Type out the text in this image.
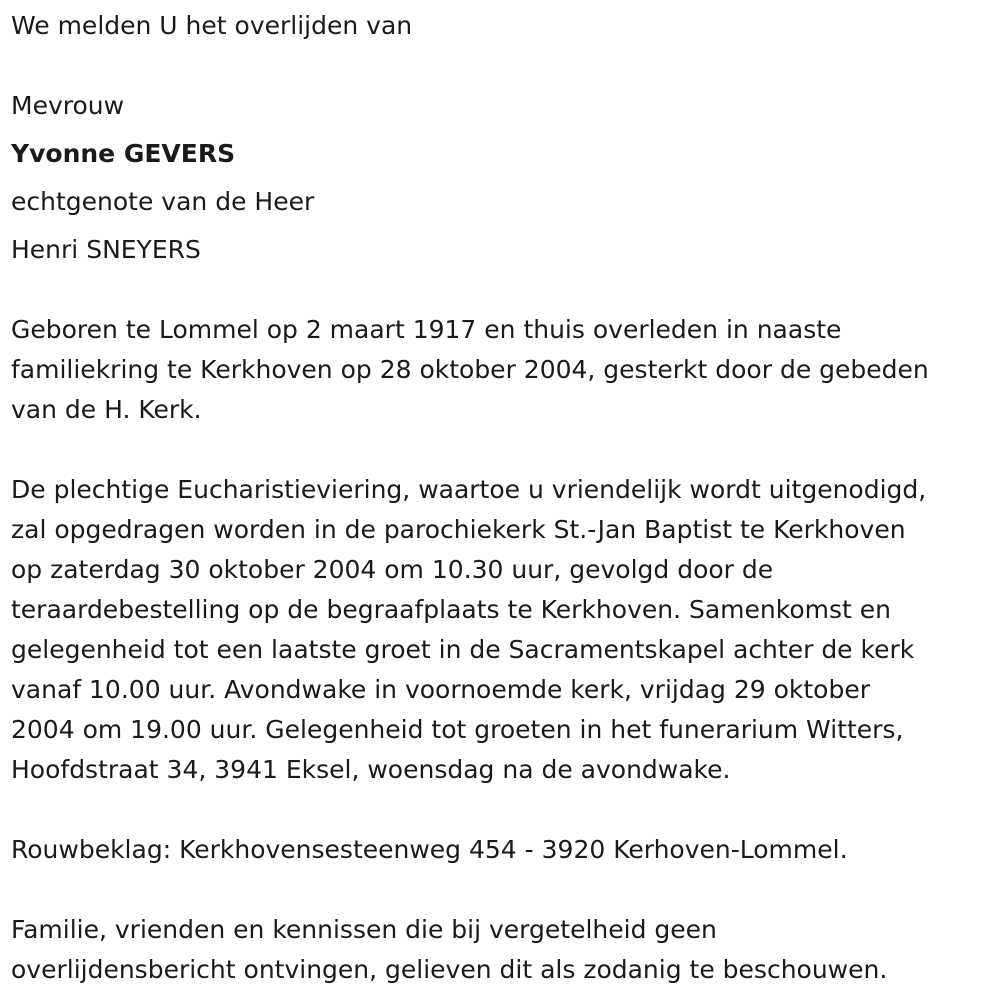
We melden U het overlijden van
Mevrouw
Yvonne GEVERS
echtgenote van de Heer
Henri SNEYERS
Geboren te Lommel op 2 maart 1917 en thuis overleden in naaste
familiekring te Kerkhoven op 28 oktober 2004, gesterkt door de gebeden
van de H. Kerk.
De plechtige Eucharistieviering, waartoe u vriendelijk wordt uitgenodigd,
zal opgedragen worden in de parochiekerk St.-Jan Baptist te Kerkhoven
op zaterdag 30 oktober 2004 om 10.30 uur, gevolgd door de
teraardebestelling op de begraafplaats te Kerkhoven. Samenkomst en
gelegenheid tot een laatste groet in de Sacramentskapel achter de kerk
vanaf 10.00 uur. Avondwake in voornoemde kerk, vrijdag 29 oktober
2004 om 19.00 uur. Gelegenheid tot groeten in het funerarium Witters,
Hoofdstraat 34, 3941 Eksel, woensdag na de avondwake.
Rouwbeklag: Kerkhovensesteenweg 454 - 3920 Kerhoven-Lommel.
Familie, vrienden en kennissen die bij vergetelheid geen
overlijdensbericht ontvingen, gelieven dit als zodanig te beschouwen.
